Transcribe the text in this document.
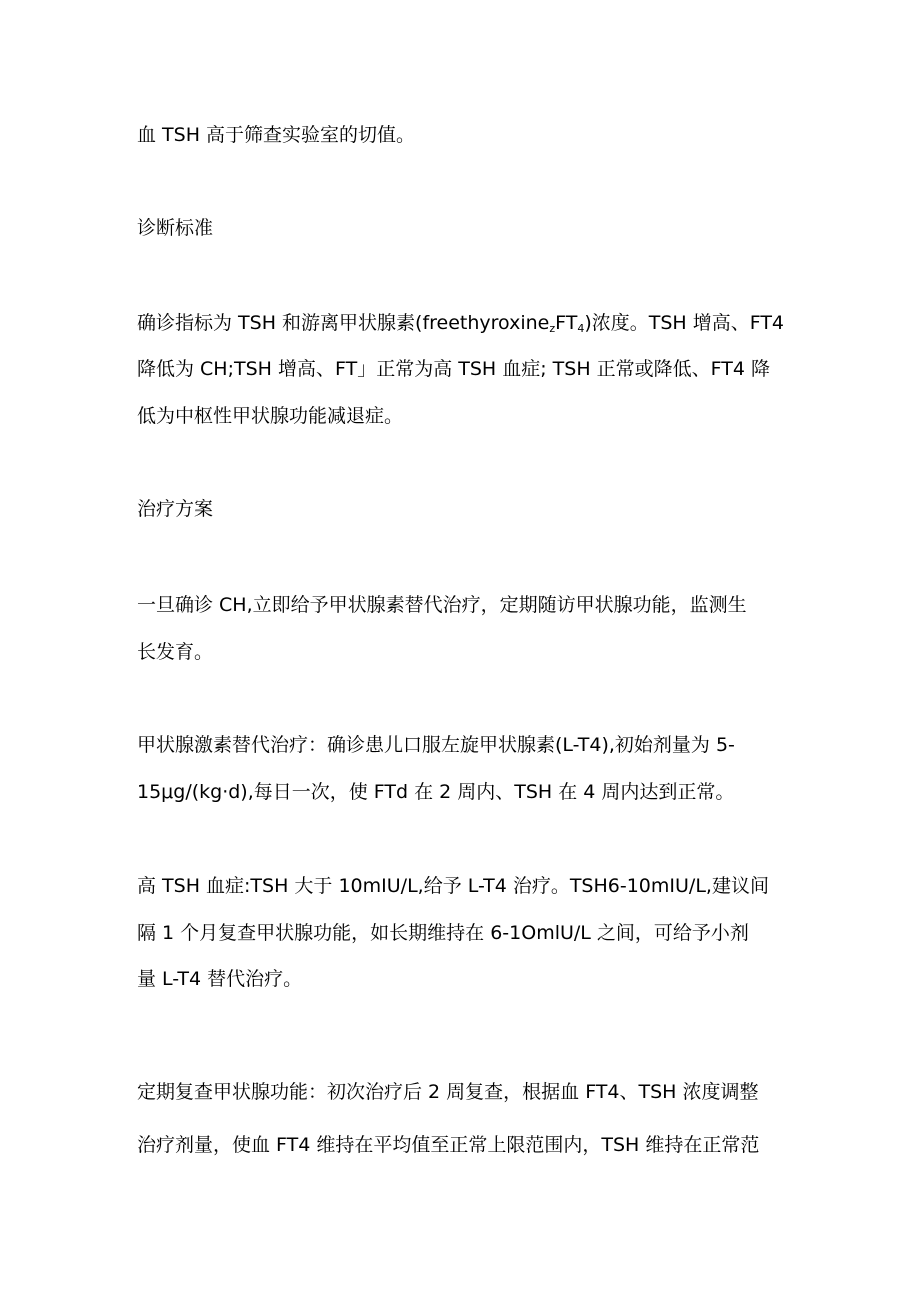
血 TSH 高于筛查实验室的切值。
诊断标准
确诊指标为 TSH 和游离甲状腺素$(freethyroxine_zFT_4)$浓度。TSH 增高、FT4
降低为 CH;TSH 增高、FT」正常为高 TSH 血症; TSH 正常或降低、FT4 降
低为中枢性甲状腺功能减退症。
治疗方案
一旦确诊 CH,立即给予甲状腺素替代治疗，定期随访甲状腺功能，监测生
长发育。
甲状腺激素替代治疗：确诊患儿口服左旋甲状腺素(L-T4),初始剂量为 5-
15μg∕(kg·d),每日一次，使 FTd 在 2 周内、TSH 在 4 周内达到正常。
高 TSH 血症:TSH 大于 10mIU/L,给予 L-T4 治疗。TSH6-10mIU/L,建议间
隔 1 个月复查甲状腺功能，如长期维持在 6-1OmlU/L 之间，可给予小剂
量 L-T4 替代治疗。
定期复查甲状腺功能：初次治疗后 2 周复查，根据血 FT4、TSH 浓度调整
治疗剂量，使血 FT4 维持在平均值至正常上限范围内，TSH 维持在正常范
